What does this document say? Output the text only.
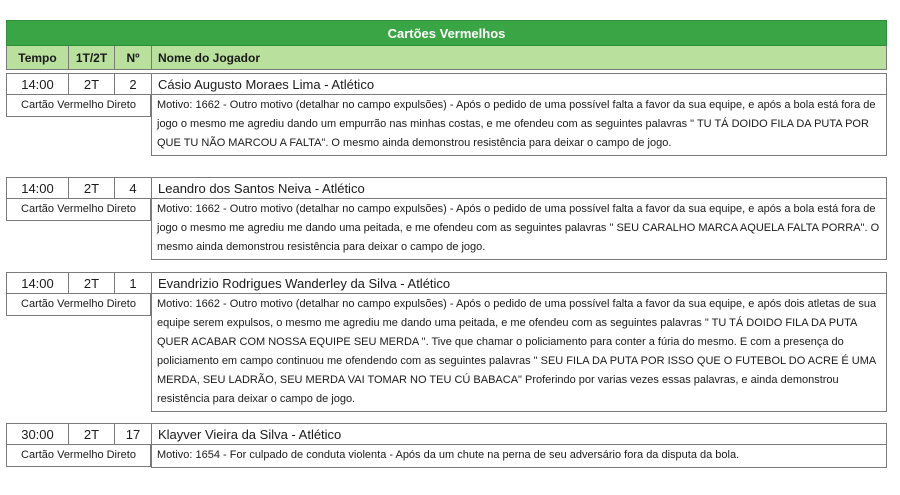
Cartões Vermelhos
Tempo	1T/2T	Nº	Nome do Jogador
14:00	2T	2	Cásio Augusto Moraes Lima - Atlético
Cartão Vermelho Direto	Motivo: 1662 - Outro motivo (detalhar no campo expulsões) - Após o pedido de uma possível falta a favor da sua equipe, e após a bola está fora de jogo o mesmo me agrediu dando um empurrão nas minhas costas, e me ofendeu com as seguintes palavras " TU TÁ DOIDO FILA DA PUTA POR QUE TU NÃO MARCOU A FALTA". O mesmo ainda demonstrou resistência para deixar o campo de jogo.
14:00	2T	4	Leandro dos Santos Neiva - Atlético
Cartão Vermelho Direto	Motivo: 1662 - Outro motivo (detalhar no campo expulsões) - Após o pedido de uma possível falta a favor da sua equipe, e após a bola está fora de jogo o mesmo me agrediu me dando uma peitada, e me ofendeu com as seguintes palavras " SEU CARALHO MARCA AQUELA FALTA PORRA". O mesmo ainda demonstrou resistência para deixar o campo de jogo.
14:00	2T	1	Evandrizio Rodrigues Wanderley da Silva - Atlético
Cartão Vermelho Direto	Motivo: 1662 - Outro motivo (detalhar no campo expulsões) - Após o pedido de uma possível falta a favor da sua equipe, e após dois atletas de sua equipe serem expulsos, o mesmo me agrediu me dando uma peitada, e me ofendeu com as seguintes palavras " TU TÁ DOIDO FILA DA PUTA QUER ACABAR COM NOSSA EQUIPE SEU MERDA ". Tive que chamar o policiamento para conter a fúria do mesmo. E com a presença do policiamento em campo continuou me ofendendo com as seguintes palavras " SEU FILA DA PUTA POR ISSO QUE O FUTEBOL DO ACRE É UMA MERDA, SEU LADRÃO, SEU MERDA VAI TOMAR NO TEU CÚ BABACA" Proferindo por varias vezes essas palavras, e ainda demonstrou resistência para deixar o campo de jogo.
30:00	2T	17	Klayver Vieira da Silva - Atlético
Cartão Vermelho Direto	Motivo: 1654 - For culpado de conduta violenta - Após da um chute na perna de seu adversário fora da disputa da bola.
